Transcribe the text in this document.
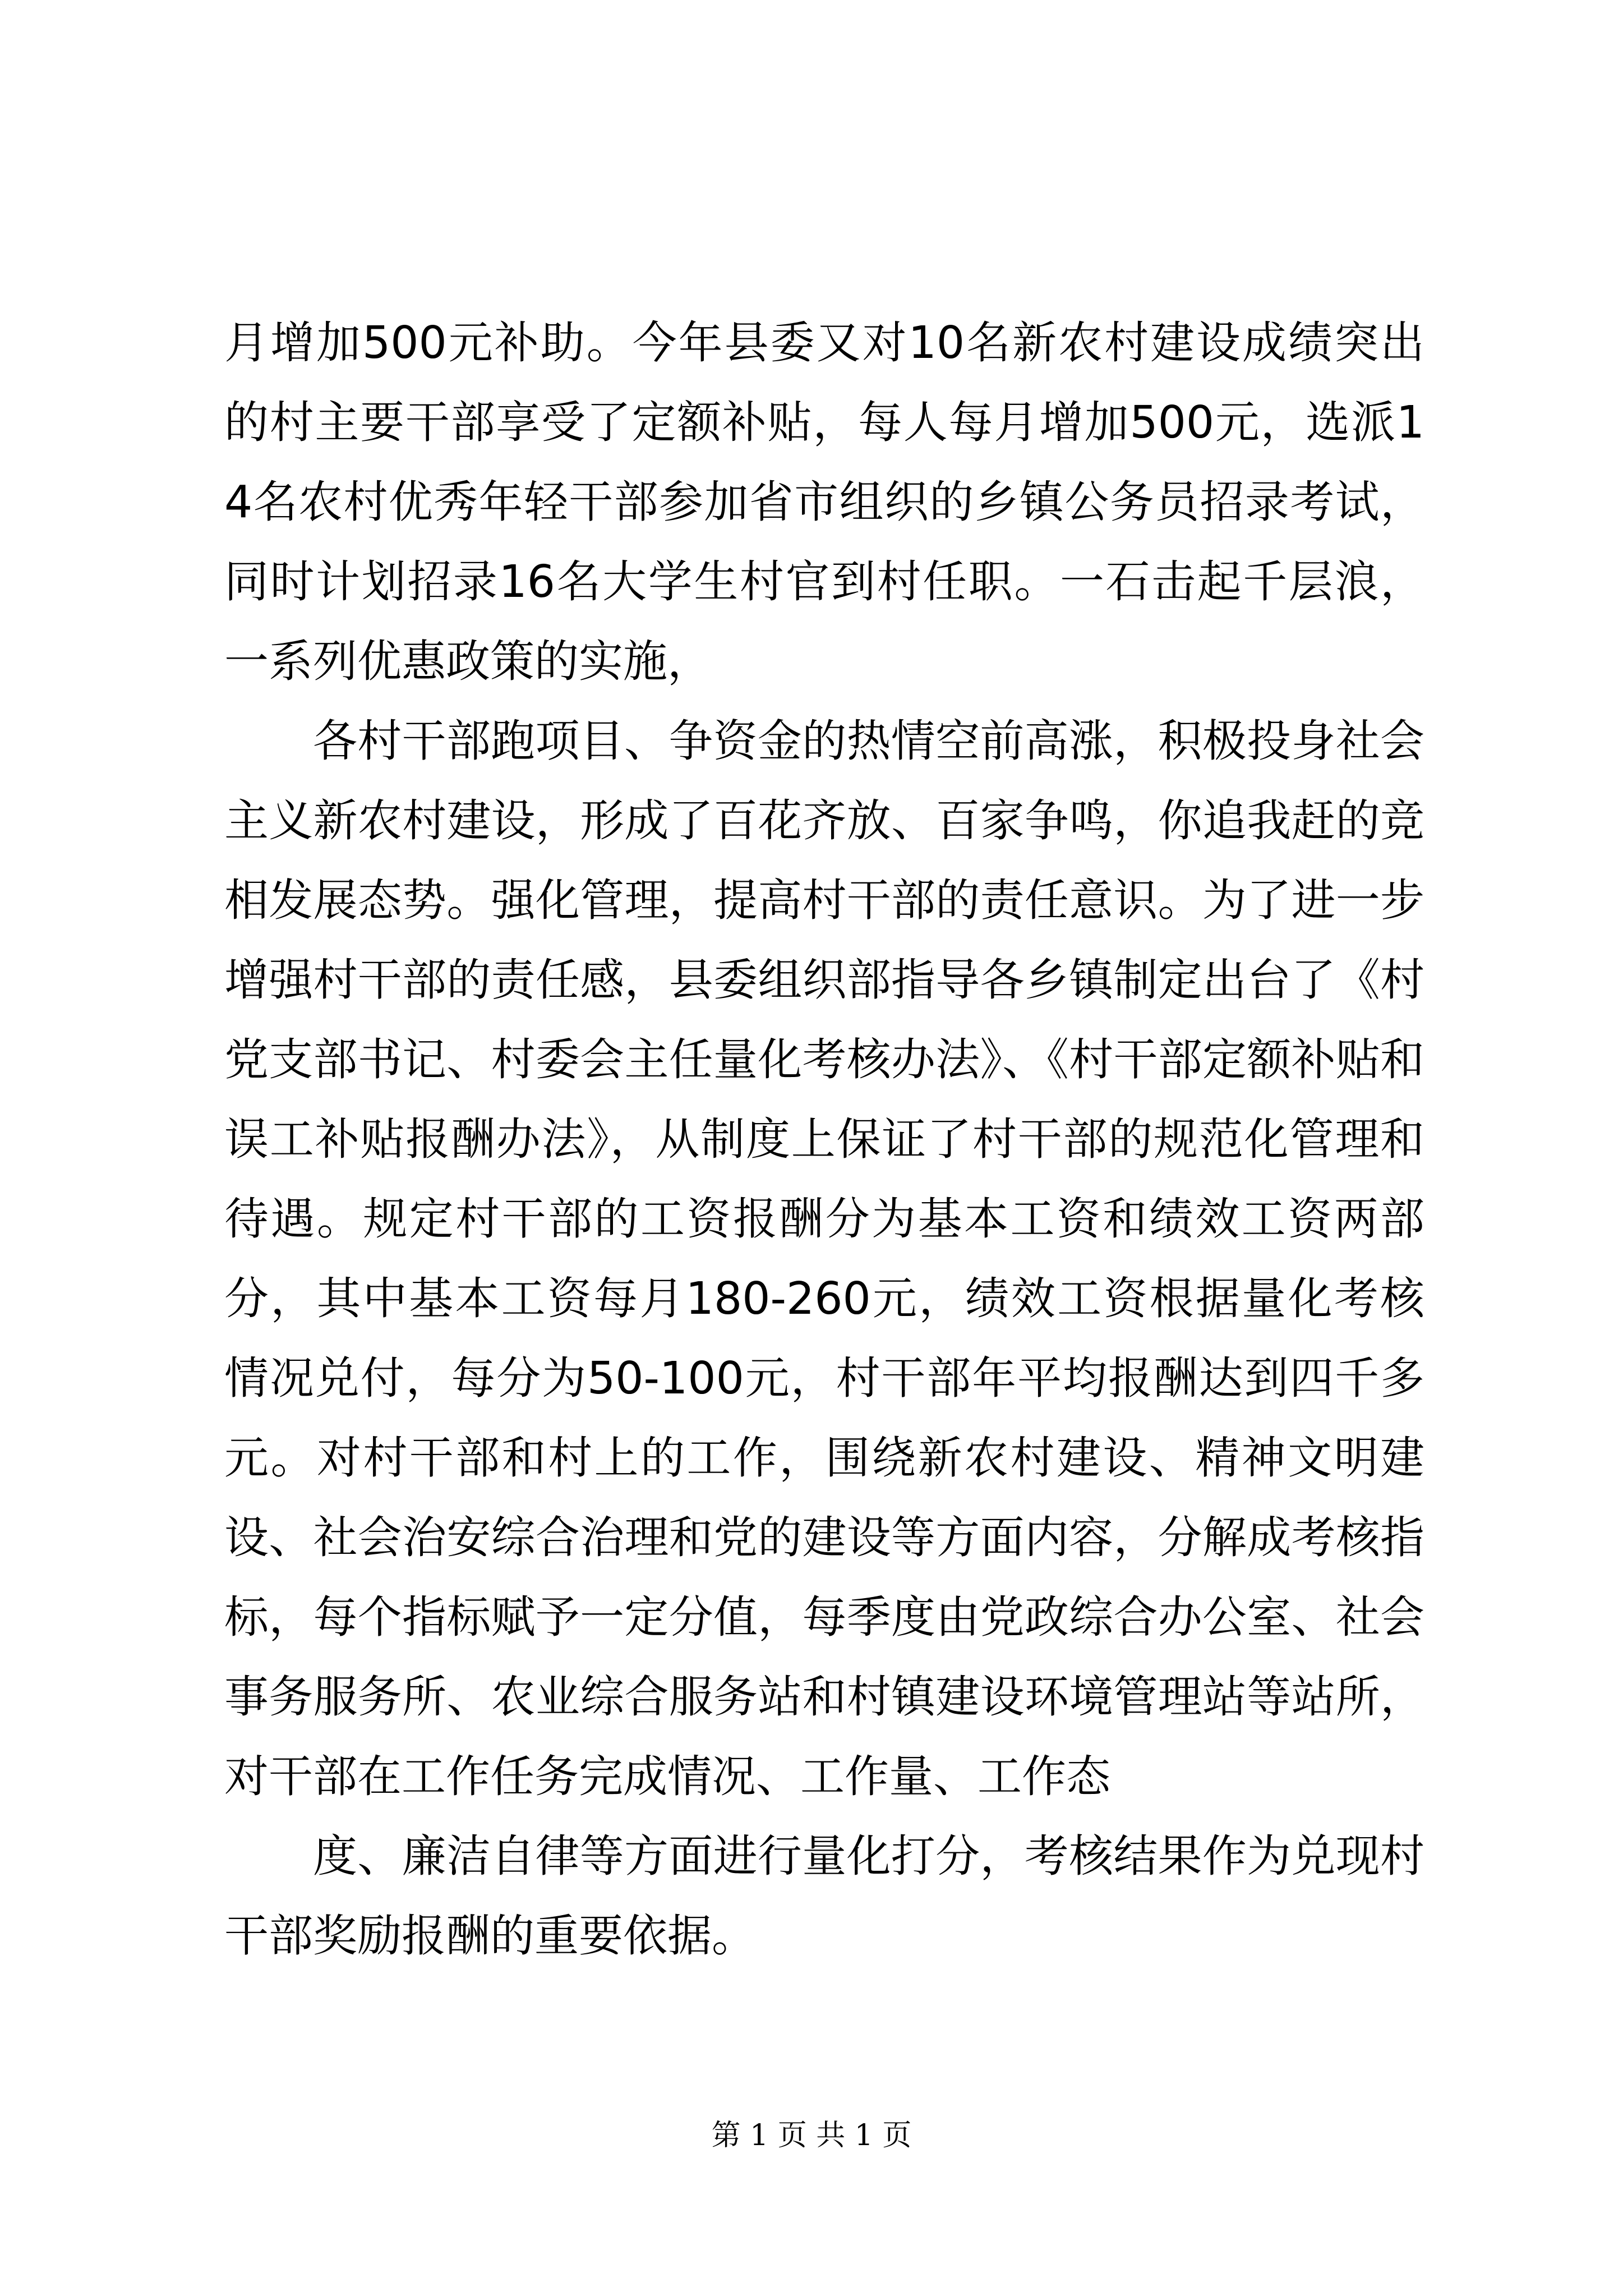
月增加500元补助。今年县委又对10名新农村建设成绩突出的村主要干部享受了定额补贴，每人每月增加500元，选派14名农村优秀年轻干部参加省市组织的乡镇公务员招录考试，同时计划招录16名大学生村官到村任职。一石击起千层浪，一系列优惠政策的实施，

各村干部跑项目、争资金的热情空前高涨，积极投身社会主义新农村建设，形成了百花齐放、百家争鸣，你追我赶的竞相发展态势。强化管理，提高村干部的责任意识。为了进一步增强村干部的责任感，县委组织部指导各乡镇制定出台了《村党支部书记、村委会主任量化考核办法》、《村干部定额补贴和误工补贴报酬办法》，从制度上保证了村干部的规范化管理和待遇。规定村干部的工资报酬分为基本工资和绩效工资两部分，其中基本工资每月180-260元，绩效工资根据量化考核情况兑付，每分为50-100元，村干部年平均报酬达到四千多元。对村干部和村上的工作，围绕新农村建设、精神文明建设、社会治安综合治理和党的建设等方面内容，分解成考核指标，每个指标赋予一定分值，每季度由党政综合办公室、社会事务服务所、农业综合服务站和村镇建设环境管理站等站所，对干部在工作任务完成情况、工作量、工作态

度、廉洁自律等方面进行量化打分，考核结果作为兑现村干部奖励报酬的重要依据。

第 1 页 共 1 页
